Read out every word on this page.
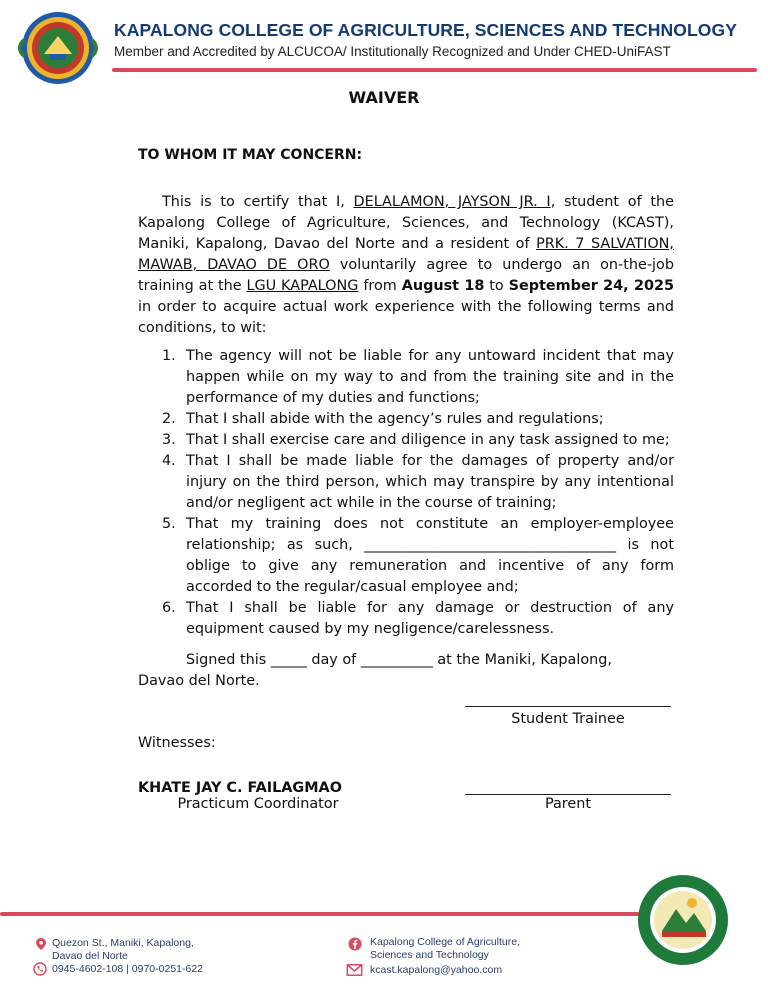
KAPALONG COLLEGE OF AGRICULTURE, SCIENCES AND TECHNOLOGY
Member and Accredited by ALCUCOA/ Institutionally Recognized and Under CHED-UniFAST
WAIVER
TO WHOM IT MAY CONCERN:
This is to certify that I, DELALAMON, JAYSON JR. I, student of the Kapalong College of Agriculture, Sciences, and Technology (KCAST), Maniki, Kapalong, Davao del Norte and a resident of PRK. 7 SALVATION, MAWAB, DAVAO DE ORO voluntarily agree to undergo an on-the-job training at the LGU KAPALONG from August 18 to September 24, 2025 in order to acquire actual work experience with the following terms and conditions, to wit:
1. The agency will not be liable for any untoward incident that may happen while on my way to and from the training site and in the performance of my duties and functions;
2. That I shall abide with the agency’s rules and regulations;
3. That I shall exercise care and diligence in any task assigned to me;
4. That I shall be made liable for the damages of property and/or injury on the third person, which may transpire by any intentional and/or negligent act while in the course of training;
5. That my training does not constitute an employer-employee relationship; as such, ___________________________________ is not oblige to give any remuneration and incentive of any form accorded to the regular/casual employee and;
6. That I shall be liable for any damage or destruction of any equipment caused by my negligence/carelessness.
Signed this _____ day of __________ at the Maniki, Kapalong,
Davao del Norte.
Student Trainee
Witnesses:
KHATE JAY C. FAILAGMAO
Practicum Coordinator	Parent
Quezon St., Maniki, Kapalong,
Davao del Norte
0945-4602-108 | 0970-0251-622
Kapalong College of Agriculture,
Sciences and Technology
kcast.kapalong@yahoo.com
